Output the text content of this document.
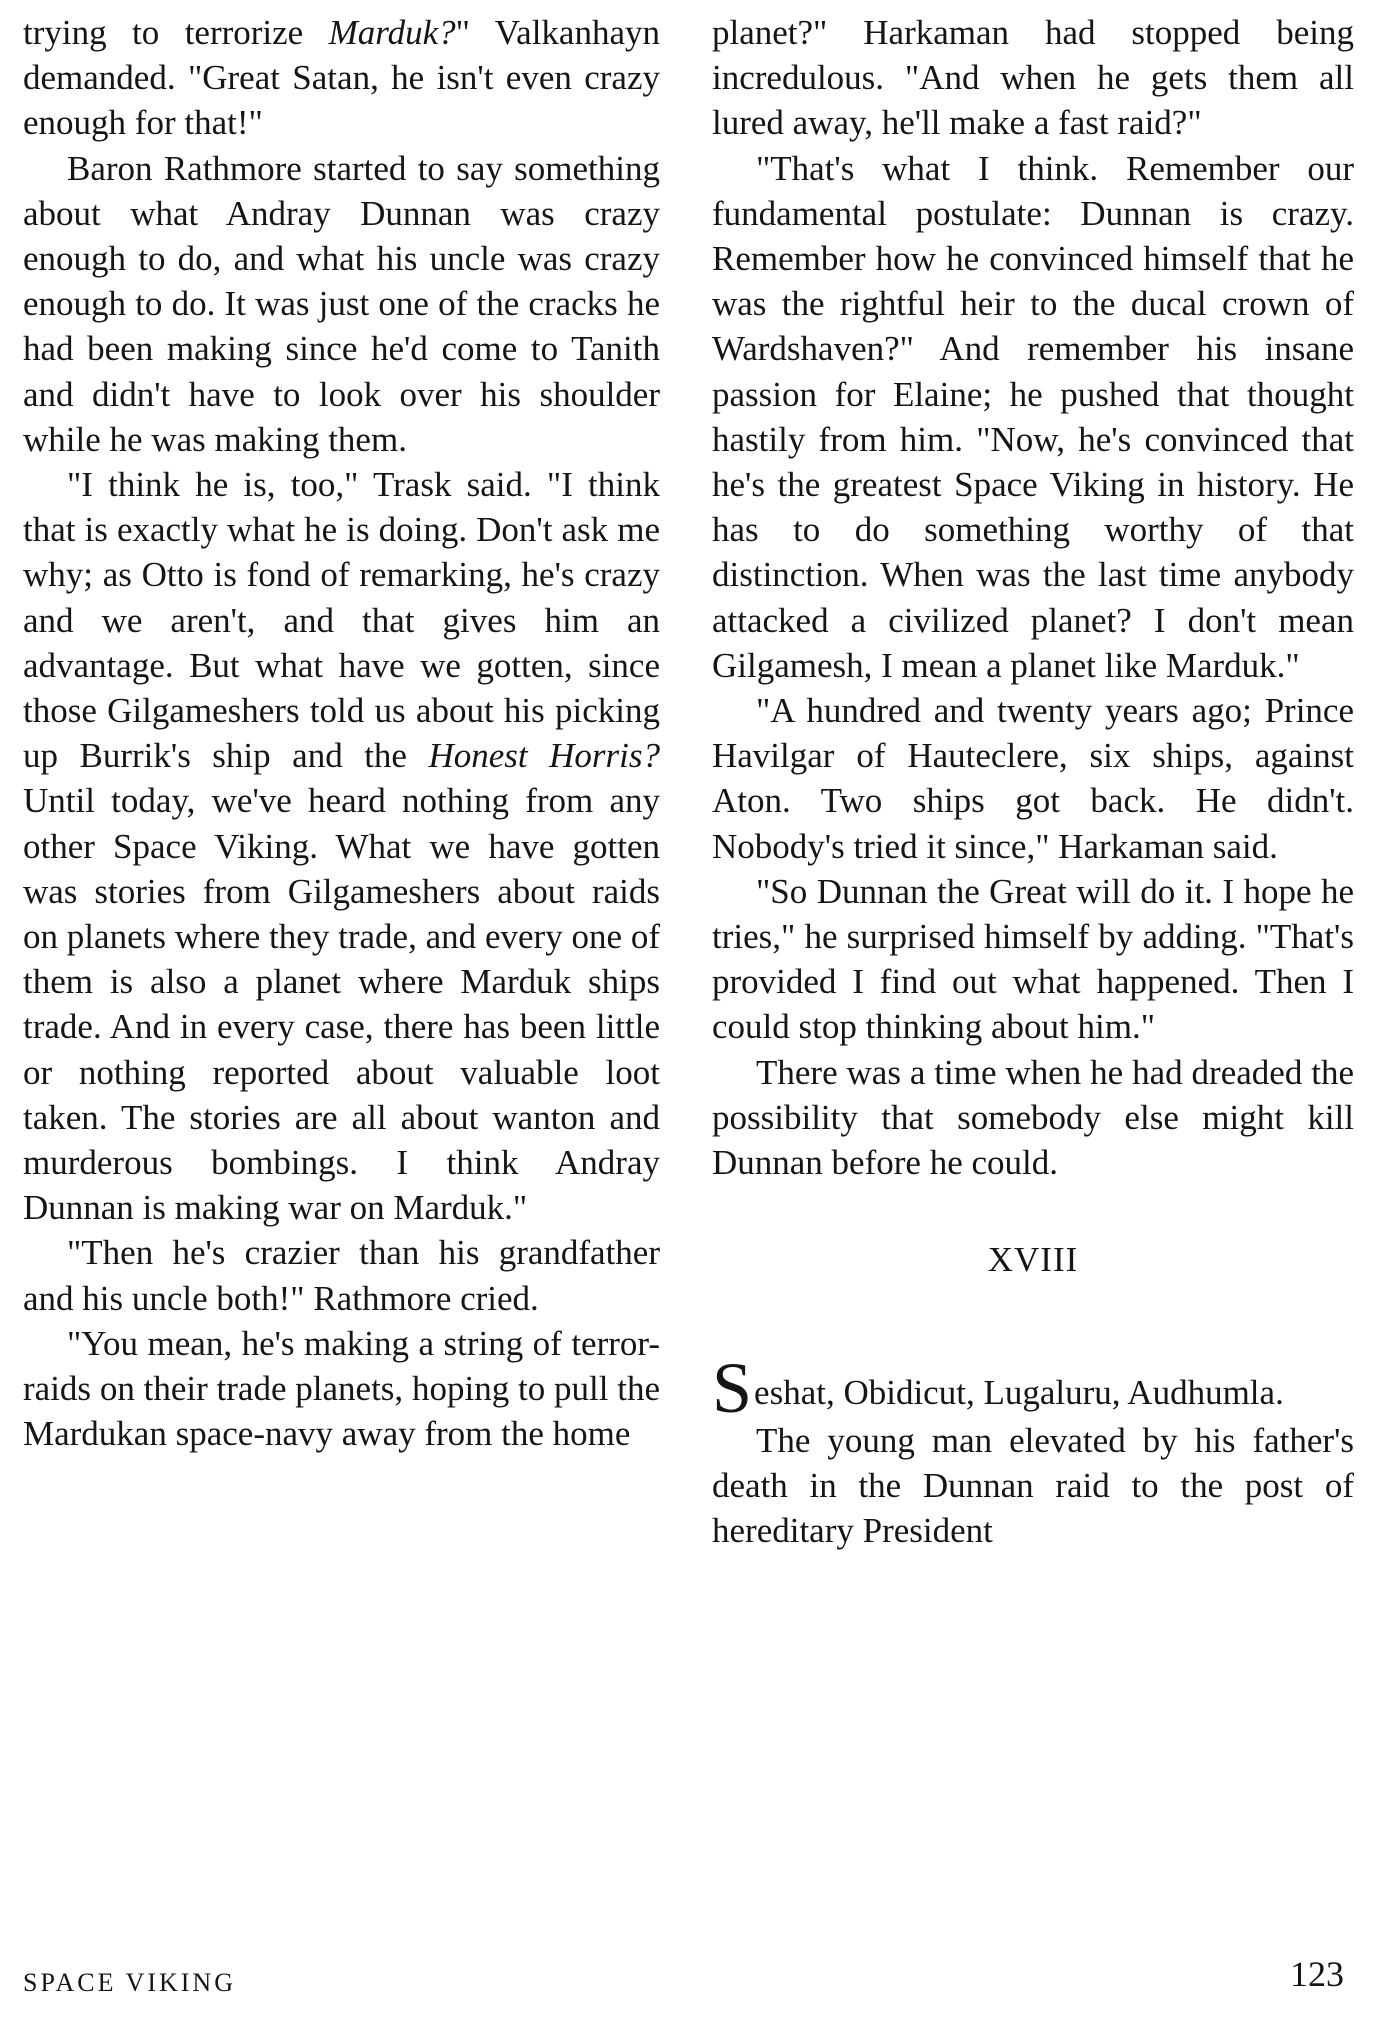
trying to terrorize Marduk?" Valkanhayn demanded. "Great Satan, he isn't even crazy enough for that!"

Baron Rathmore started to say something about what Andray Dunnan was crazy enough to do, and what his uncle was crazy enough to do. It was just one of the cracks he had been making since he'd come to Tanith and didn't have to look over his shoulder while he was making them.

"I think he is, too," Trask said. "I think that is exactly what he is doing. Don't ask me why; as Otto is fond of remarking, he's crazy and we aren't, and that gives him an advantage. But what have we gotten, since those Gilgameshers told us about his picking up Burrik's ship and the Honest Horris? Until today, we've heard nothing from any other Space Viking. What we have gotten was stories from Gilgameshers about raids on planets where they trade, and every one of them is also a planet where Marduk ships trade. And in every case, there has been little or nothing reported about valuable loot taken. The stories are all about wanton and murderous bombings. I think Andray Dunnan is making war on Marduk."

"Then he's crazier than his grandfather and his uncle both!" Rathmore cried.

"You mean, he's making a string of terror-raids on their trade planets, hoping to pull the Mardukan space-navy away from the home

planet?" Harkaman had stopped being incredulous. "And when he gets them all lured away, he'll make a fast raid?"

"That's what I think. Remember our fundamental postulate: Dunnan is crazy. Remember how he convinced himself that he was the rightful heir to the ducal crown of Wardshaven?" And remember his insane passion for Elaine; he pushed that thought hastily from him. "Now, he's convinced that he's the greatest Space Viking in history. He has to do something worthy of that distinction. When was the last time anybody attacked a civilized planet? I don't mean Gilgamesh, I mean a planet like Marduk."

"A hundred and twenty years ago; Prince Havilgar of Hauteclere, six ships, against Aton. Two ships got back. He didn't. Nobody's tried it since," Harkaman said.

"So Dunnan the Great will do it. I hope he tries," he surprised himself by adding. "That's provided I find out what happened. Then I could stop thinking about him."

There was a time when he had dreaded the possibility that somebody else might kill Dunnan before he could.

XVIII

Seshat, Obidicut, Lugaluru, Audhumla.

The young man elevated by his father's death in the Dunnan raid to the post of hereditary President

SPACE VIKING	123
